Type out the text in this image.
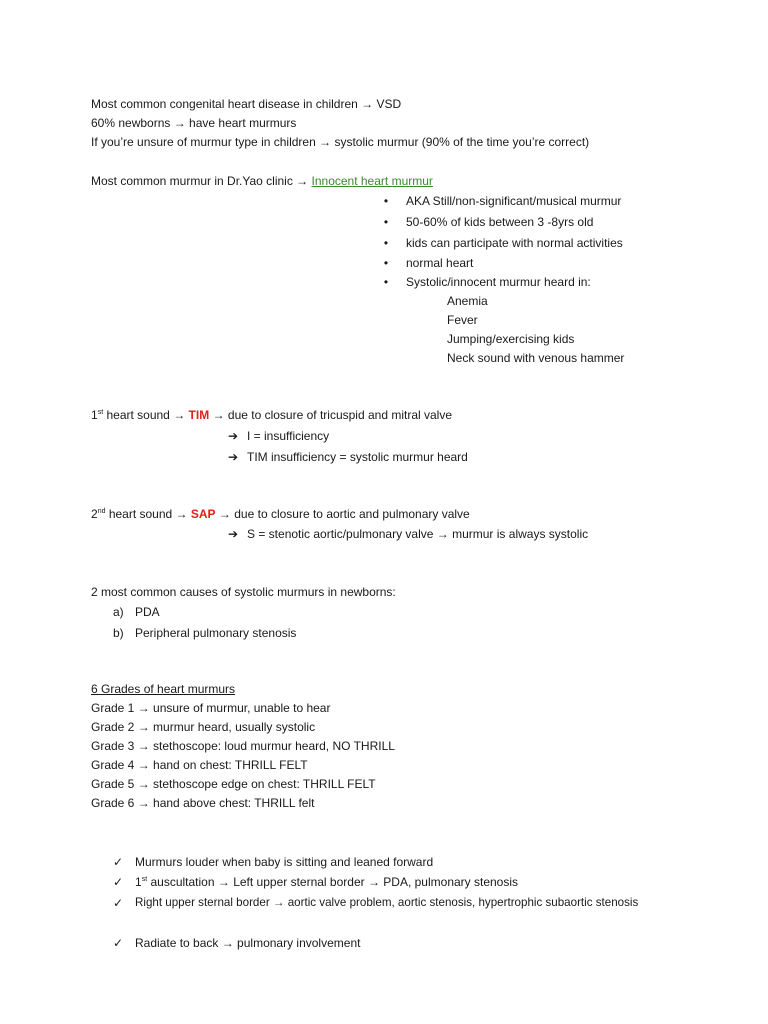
Most common congenital heart disease in children → VSD
60% newborns → have heart murmurs
If you’re unsure of murmur type in children → systolic murmur (90% of the time you’re correct)
Most common murmur in Dr.Yao clinic → Innocent heart murmur
• AKA Still/non-significant/musical murmur
• 50-60% of kids between 3 -8yrs old
• kids can participate with normal activities
• normal heart
• Systolic/innocent murmur heard in:
Anemia
Fever
Jumping/exercising kids
Neck sound with venous hammer
1st heart sound → TIM → due to closure of tricuspid and mitral valve
➔ I = insufficiency
➔ TIM insufficiency = systolic murmur heard
2nd heart sound → SAP → due to closure to aortic and pulmonary valve
➔ S = stenotic aortic/pulmonary valve → murmur is always systolic
2 most common causes of systolic murmurs in newborns:
a) PDA
b) Peripheral pulmonary stenosis
6 Grades of heart murmurs
Grade 1 → unsure of murmur, unable to hear
Grade 2 → murmur heard, usually systolic
Grade 3 → stethoscope: loud murmur heard, NO THRILL
Grade 4 → hand on chest: THRILL FELT
Grade 5 → stethoscope edge on chest: THRILL FELT
Grade 6 → hand above chest: THRILL felt
✓ Murmurs louder when baby is sitting and leaned forward
✓ 1st auscultation → Left upper sternal border → PDA, pulmonary stenosis
✓ Right upper sternal border → aortic valve problem, aortic stenosis, hypertrophic subaortic stenosis
✓ Radiate to back → pulmonary involvement
